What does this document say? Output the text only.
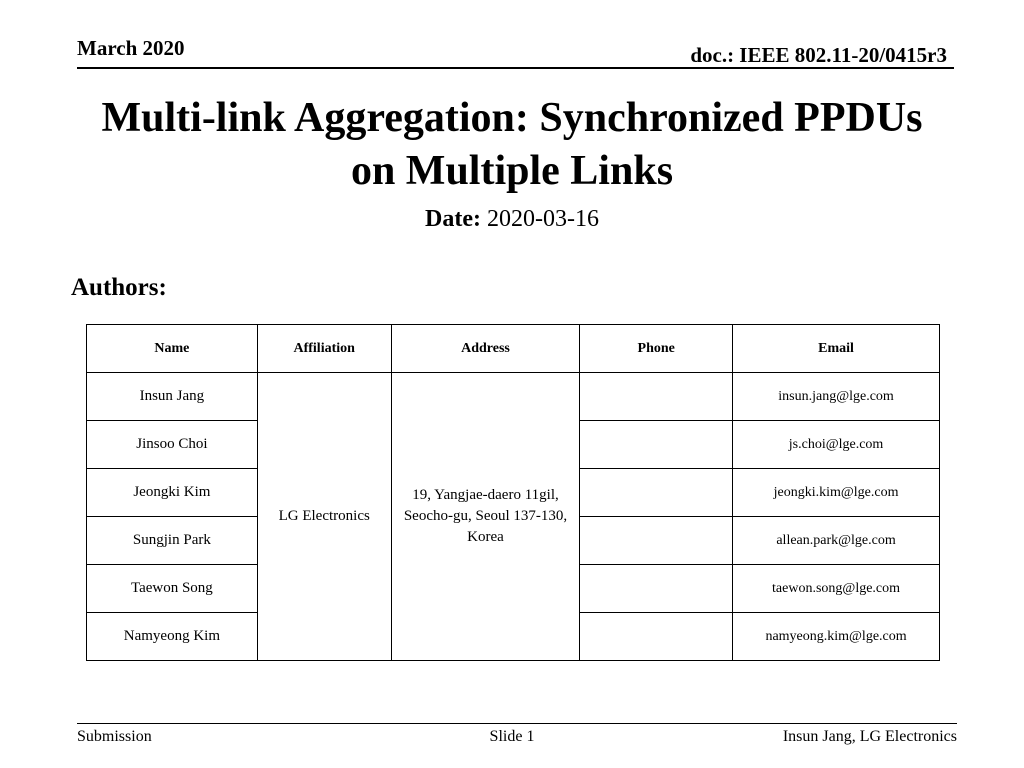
March 2020	doc.: IEEE 802.11-20/0415r3
Multi-link Aggregation: Synchronized PPDUs
on Multiple Links
Date: 2020-03-16
Authors:
Name	Affiliation	Address	Phone	Email
Insun Jang	LG Electronics	19, Yangjae-daero 11gil, Seocho-gu, Seoul 137-130, Korea		insun.jang@lge.com
Jinsoo Choi				js.choi@lge.com
Jeongki Kim				jeongki.kim@lge.com
Sungjin Park				allean.park@lge.com
Taewon Song				taewon.song@lge.com
Namyeong Kim				namyeong.kim@lge.com
Submission	Slide 1	Insun Jang, LG Electronics
